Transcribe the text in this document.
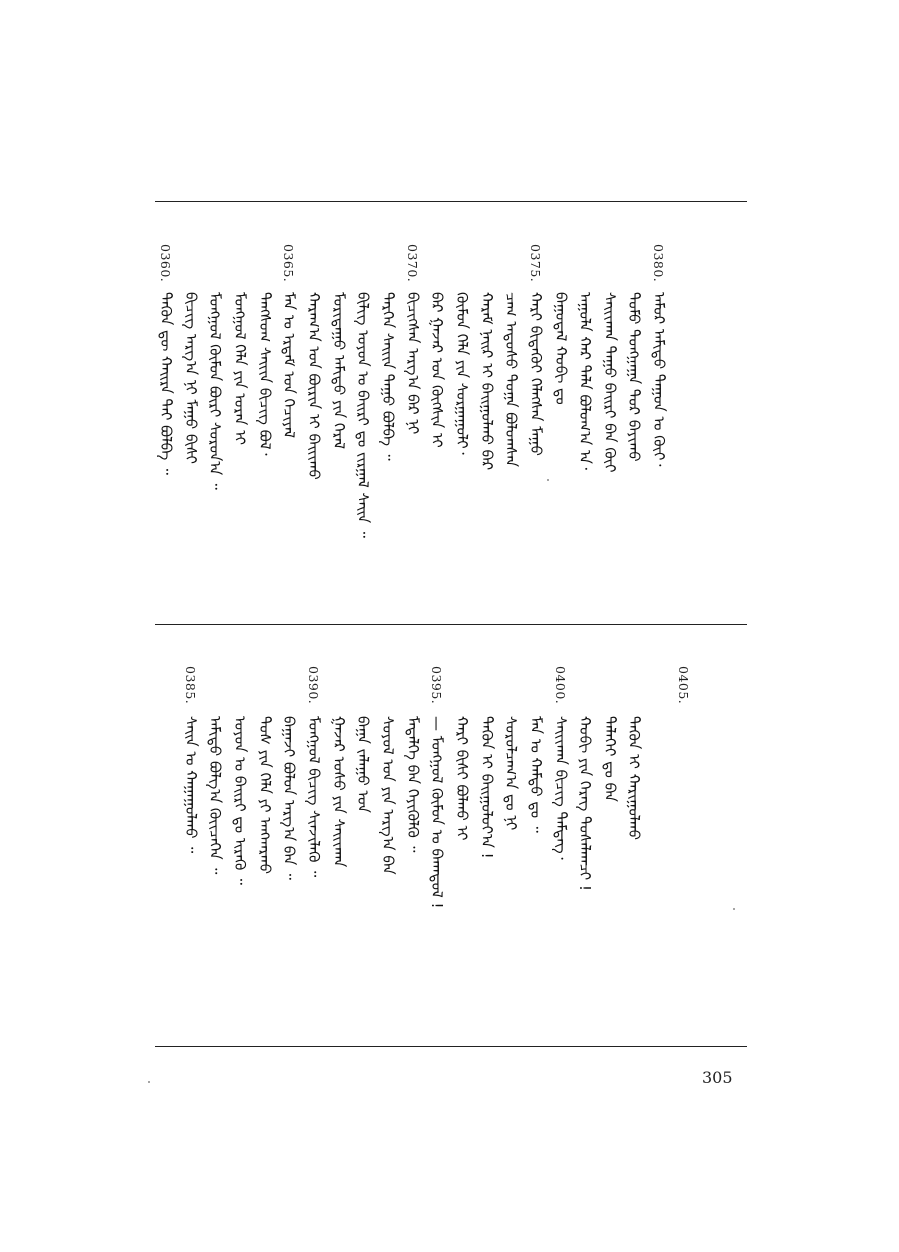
0360.	0365.	0370.	0375.	0380.
ᠲᠡᠭᠦᠨ ᠳᠦ ᠬᠠᠢ᠌ᠷᠠ ᠲᠠᠢ ᠪᠣᠯᠪᠠ ᠃ ᠪᠢᠴᠢᠭ ᠠᠷᠭ᠎ᠠ ᠨᠢ ᠮᠠᠭᠤ ᠪᠢᠰᠢ ᠮᠣᠩᠭᠣᠯ ᠬᠦᠮᠦᠨ ᠪᠦᠷᠢ ᠰᠤᠷᠤᠨ᠎ᠠ ᠃ ᠮᠣᠩᠭᠣᠯ ᠬᠡᠯᠡ ᠶᠢᠨ ᠤᠷᠠᠨ ᠢ ᠲᠠᠩᠰᠤᠭ ᠰᠠᠢᠢᠨ ᠪᠢᠴᠢᠭ ᠪᠤᠯ᠂ ᠮᠠᠨ ᠤ ᠡᠷᠳᠡᠮ ᠤᠨ ᠬᠡᠴᠢᠶᠡᠯ ᠬᠠᠷᠠᠭ᠎ᠠ ᠤᠨ ᠪᠦᠷᠢᠨ ᠢ ᠪᠠᠢᠢᠬᠤ ᠮᠣᠷᠢᠳᠠᠭᠤ ᠠᠮᠢᠳᠤ ᠶᠢᠨ ᠭᠡᠷᠡᠯ ᠪᠢᠯᠢᠭ ᠣᠶᠤᠨ ᠤ ᠪᠠᠢᠷᠢ ᠳᠤ ᠵᠢᠷᠭᠠᠯ ᠰᠠᠢᠨ ᠃ ᠲᠡᠷᠭᠡᠨ ᠰᠠᠢᠢᠨ ᠳᠠᠭᠤ ᠪᠤᠯᠪᠠ ᠃ ᠪᠢᠴᠢᠭᠰᠡᠨ ᠠᠷᠭ᠎ᠠ ᠪᠠᠷ ᠨᠢ ᠪᠠᠷ ᠭᠠᠵᠠᠷ ᠤᠨ ᠬᠦᠭᠰᠢᠨ ᠢ ᠬᠦᠮᠦᠨ ᠬᠡᠯᠡ ᠶᠢᠨ ᠰᠤᠷᠭᠠᠭᠤᠯᠢ᠂ ᠬᠠᠷᠠᠮ ᠨᠠᠢᠷ ᠢ ᠪᠠᠢᠭᠤᠯᠬᠤ ᠪᠠᠷ ᠴᠠᠭ ᠠᠳᠤᠰᠤ ᠲᠣᠭᠠ ᠪᠣᠯᠤᠭᠰᠠᠨ ᠬᠠᠷᠢ ᠪᠢᠲᠡᠭᠦᠢ ᠬᠡᠯᠡᠭᠰᠡᠨ ᠮᠠᠭᠤ ᠪᠠᠭᠤᠳᠠᠯ ᠬᠤᠪᠢ ᠳᠤ ᠠᠭᠤᠯᠠ ᠬᠠᠷ ᠲᠠᠯᠠ ᠪᠣᠯᠤᠭ᠎ᠠ ᠎ᠠ᠂ ᠰᠠᠢᠢᠬᠠᠨ ᠳᠠᠭᠤ ᠪᠠᠢᠷᠢ ᠪᠠᠨ ᠬᠦᠢ ᠲᠣᠮᠣ ᠲᠤᠩᠭᠠᠭᠠ ᠳᠤᠷ ᠪᠠᠶᠢᠬᠤ ᠠᠮᠤᠷ ᠠᠮᠢᠳᠤ ᠳᠠᠭᠤᠨ ᠤ ᠬᠦᠢ᠂
0385.	0390.	0395.	0400.	0405.
ᠰᠠᠢᠨ ᠤ ᠬᠠᠭᠠᠭᠤᠯᠬᠤ ᠃ ᠠᠮᠢᠳᠤ ᠪᠣᠯᠭ᠎ᠠ ᠬᠦᠢᠴᠡᠬᠡᠨ ᠃ ᠣᠶᠤᠨ ᠤ ᠪᠠᠢᠷᠢ ᠳᠤ ᠢᠷᠡᠬᠦ ᠃ ᠲᠤᠰ ᠶᠢᠨ ᠬᠡᠯᠡ ᠶᠢ ᠠᠩᠬᠠᠷᠬᠤ ᠪᠠᠭᠠᠵᠢ ᠪᠤᠯᠤᠨ ᠠᠷᠭ᠎ᠠ ᠪᠠᠨ ᠃ ᠮᠣᠩᠭᠣᠯ ᠪᠢᠴᠢᠭ ᠰᠢᠨᠵᠢᠯᠡᠬᠦ ᠃ ᠭᠠᠵᠠᠷ ᠤᠰᠤ ᠶᠢᠨ ᠰᠠᠢᠢᠬᠠᠨ ᠪᠠᠭᠠ ᠵᠠᠯᠠᠭᠤ ᠤᠨ ᠰᠣᠶᠣᠯ ᠤᠨ ᠶᠢᠨ ᠠᠷᠭ᠎ᠠ ᠪᠠᠨ ᠮᠡᠳᠡᠯᠭᠡ ᠪᠠᠨ ᠭᠡᠶᠢᠭᠦᠯᠬᠦ ᠃ — ᠮᠣᠩᠭᠣᠯ ᠬᠦᠮᠦᠨ ᠤ ᠪᠠᠬᠠᠳᠤᠯ ! ᠬᠠᠷᠢ ᠪᠢᠰᠢ ᠪᠤᠯᠬᠤ ᠢ ᠲᠡᠭᠦᠨ ᠢ ᠪᠠᠢᠭᠤᠯᠤᠶ᠎ᠠ ! ᠰᠤᠷᠤᠯᠴᠠᠭ᠎ᠠ ᠳᠤ ᠨᠢ ᠮᠠᠨ ᠤ ᠬᠠᠮᠲᠤ ᠳᠤ ᠃ ᠰᠠᠢᠢᠬᠠᠨ ᠪᠢᠴᠢᠭ ᠲᠡᠮᠳᠡᠭ᠂ ᠬᠤᠪᠢ ᠶᠢᠨ ᠬᠡᠷᠡᠭ ᠲᠤᠰᠠᠯᠠᠭᠴᠢ ! ᠳᠡᠯᠡᠬᠡᠢ ᠳᠤ ᠪᠡᠨ ᠲᠡᠭᠦᠨ ᠢ ᠬᠠᠷᠢᠭᠤᠯᠬᠤ
305
